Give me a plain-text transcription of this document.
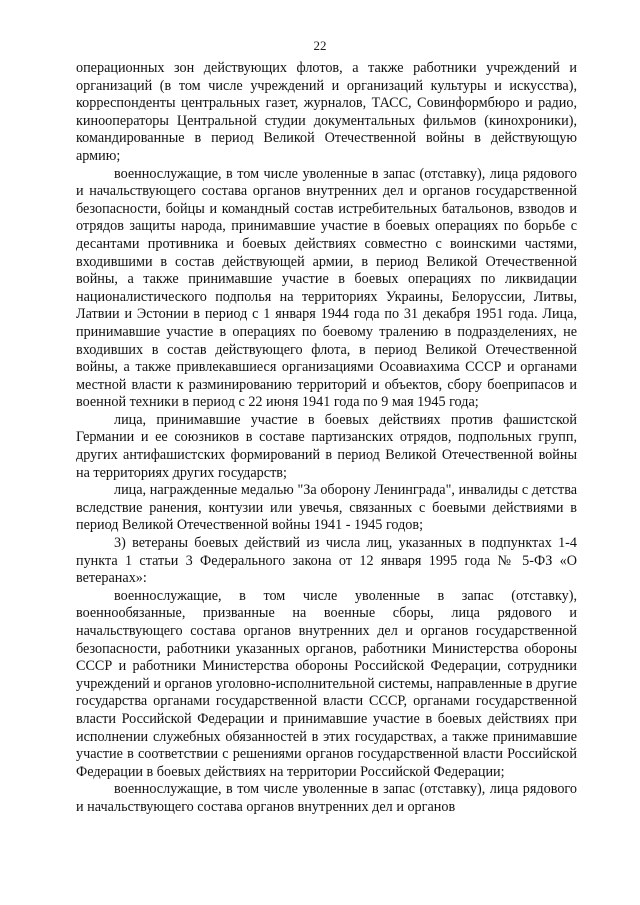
22

операционных зон действующих флотов, а также работники учреждений и организаций (в том числе учреждений и организаций культуры и искусства), корреспонденты центральных газет, журналов, ТАСС, Совинформбюро и радио, кинооператоры Центральной студии документальных фильмов (кинохроники), командированные в период Великой Отечественной войны в действующую армию;

военнослужащие, в том числе уволенные в запас (отставку), лица рядового и начальствующего состава органов внутренних дел и органов государственной безопасности, бойцы и командный состав истребительных батальонов, взводов и отрядов защиты народа, принимавшие участие в боевых операциях по борьбе с десантами противника и боевых действиях совместно с воинскими частями, входившими в состав действующей армии, в период Великой Отечественной войны, а также принимавшие участие в боевых операциях по ликвидации националистического подполья на территориях Украины, Белоруссии, Литвы, Латвии и Эстонии в период с 1 января 1944 года по 31 декабря 1951 года. Лица, принимавшие участие в операциях по боевому тралению в подразделениях, не входивших в состав действующего флота, в период Великой Отечественной войны, а также привлекавшиеся организациями Осоавиахима СССР и органами местной власти к разминированию территорий и объектов, сбору боеприпасов и военной техники в период с 22 июня 1941 года по 9 мая 1945 года;

лица, принимавшие участие в боевых действиях против фашистской Германии и ее союзников в составе партизанских отрядов, подпольных групп, других антифашистских формирований в период Великой Отечественной войны на территориях других государств;

лица, награжденные медалью "За оборону Ленинграда", инвалиды с детства вследствие ранения, контузии или увечья, связанных с боевыми действиями в период Великой Отечественной войны 1941 - 1945 годов;

3) ветераны боевых действий из числа лиц, указанных в подпунктах 1-4 пункта 1 статьи 3 Федерального закона от 12 января 1995 года № 5-ФЗ «О ветеранах»:

военнослужащие, в том числе уволенные в запас (отставку), военнообязанные, призванные на военные сборы, лица рядового и начальствующего состава органов внутренних дел и органов государственной безопасности, работники указанных органов, работники Министерства обороны СССР и работники Министерства обороны Российской Федерации, сотрудники учреждений и органов уголовно-исполнительной системы, направленные в другие государства органами государственной власти СССР, органами государственной власти Российской Федерации и принимавшие участие в боевых действиях при исполнении служебных обязанностей в этих государствах, а также принимавшие участие в соответствии с решениями органов государственной власти Российской Федерации в боевых действиях на территории Российской Федерации;

военнослужащие, в том числе уволенные в запас (отставку), лица рядового и начальствующего состава органов внутренних дел и органов
